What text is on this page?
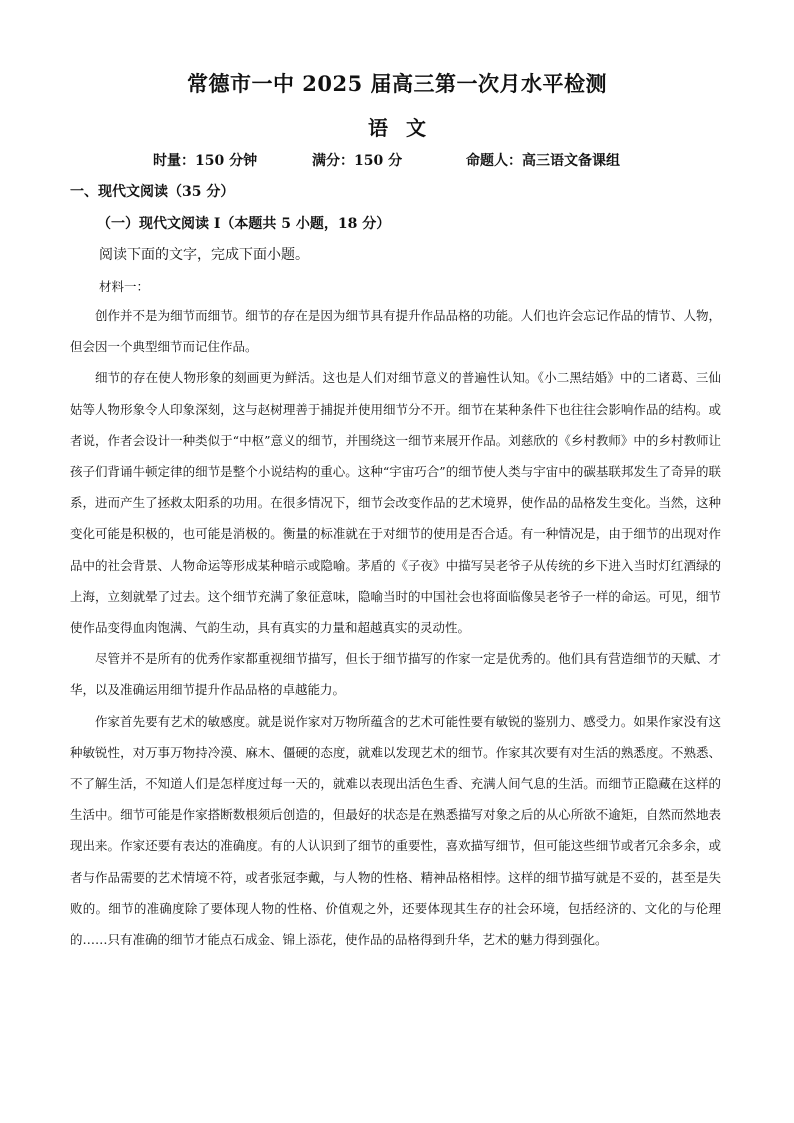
常德市一中 2025 届高三第一次月水平检测
语文
时量：150 分钟	满分：150 分	命题人：高三语文备课组
一、现代文阅读（35 分）
（一）现代文阅读 I（本题共 5 小题，18 分）
阅读下面的文字，完成下面小题。
材料一：

创作并不是为细节而细节。细节的存在是因为细节具有提升作品品格的功能。人们也许会忘记作品的情节、人物，但会因一个典型细节而记住作品。

细节的存在使人物形象的刻画更为鲜活。这也是人们对细节意义的普遍性认知。《小二黑结婚》中的二诸葛、三仙姑等人物形象令人印象深刻，这与赵树理善于捕捉并使用细节分不开。细节在某种条件下也往往会影响作品的结构。或者说，作者会设计一种类似于“中枢”意义的细节，并围绕这一细节来展开作品。刘慈欣的《乡村教师》中的乡村教师让孩子们背诵牛顿定律的细节是整个小说结构的重心。这种“宇宙巧合”的细节使人类与宇宙中的碳基联邦发生了奇异的联系，进而产生了拯救太阳系的功用。在很多情况下，细节会改变作品的艺术境界，使作品的品格发生变化。当然，这种变化可能是积极的，也可能是消极的。衡量的标准就在于对细节的使用是否合适。有一种情况是，由于细节的出现对作品中的社会背景、人物命运等形成某种暗示或隐喻。茅盾的《子夜》中描写吴老爷子从传统的乡下进入当时灯红酒绿的上海，立刻就晕了过去。这个细节充满了象征意味，隐喻当时的中国社会也将面临像吴老爷子一样的命运。可见，细节使作品变得血肉饱满、气韵生动，具有真实的力量和超越真实的灵动性。

尽管并不是所有的优秀作家都重视细节描写，但长于细节描写的作家一定是优秀的。他们具有营造细节的天赋、才华，以及准确运用细节提升作品品格的卓越能力。

作家首先要有艺术的敏感度。就是说作家对万物所蕴含的艺术可能性要有敏锐的鉴别力、感受力。如果作家没有这种敏锐性，对万事万物持冷漠、麻木、僵硬的态度，就难以发现艺术的细节。作家其次要有对生活的熟悉度。不熟悉、不了解生活，不知道人们是怎样度过每一天的，就难以表现出活色生香、充满人间气息的生活。而细节正隐藏在这样的生活中。细节可能是作家搭断数根须后创造的，但最好的状态是在熟悉描写对象之后的从心所欲不逾矩，自然而然地表现出来。作家还要有表达的准确度。有的人认识到了细节的重要性，喜欢描写细节，但可能这些细节或者冗余多余，或者与作品需要的艺术情境不符，或者张冠李戴，与人物的性格、精神品格相悖。这样的细节描写就是不妥的，甚至是失败的。细节的准确度除了要体现人物的性格、价值观之外，还要体现其生存的社会环境，包括经济的、文化的与伦理的……只有准确的细节才能点石成金、锦上添花，使作品的品格得到升华，艺术的魅力得到强化。
